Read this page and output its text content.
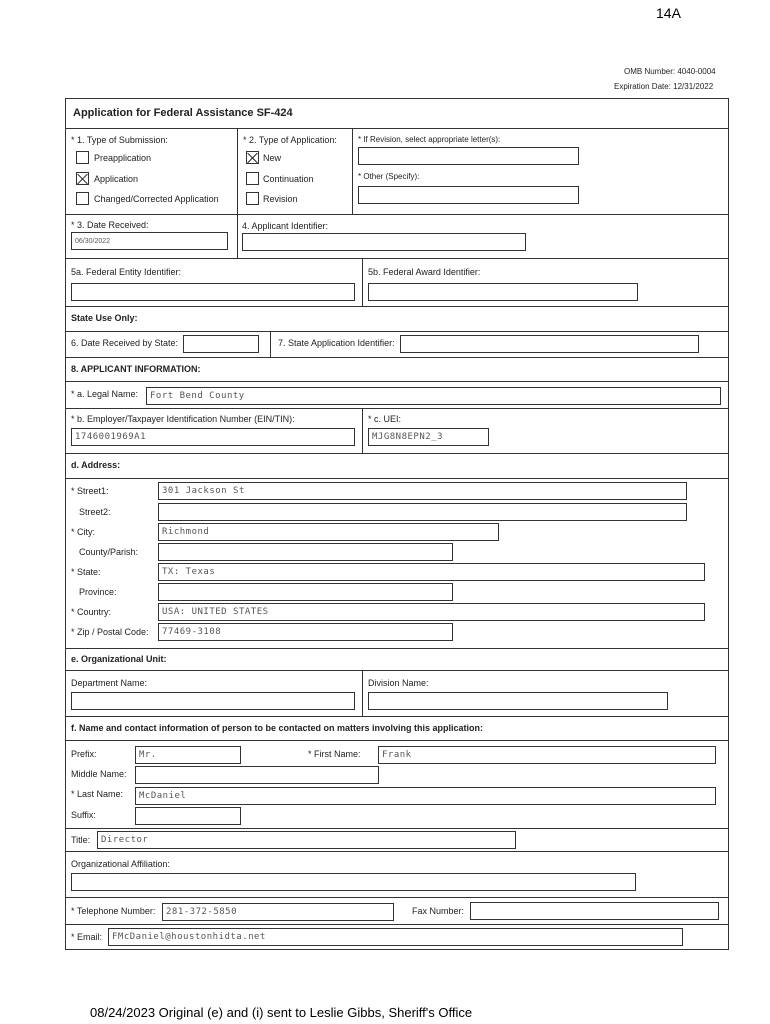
14A
OMB Number: 4040-0004
Expiration Date: 12/31/2022
Application for Federal Assistance SF-424
* 1. Type of Submission:
Preapplication
Application
Changed/Corrected Application
* 2. Type of Application:
New
Continuation
Revision
* If Revision, select appropriate letter(s):
* Other (Specify):
* 3. Date Received:
06/30/2022
4. Applicant Identifier:
5a. Federal Entity Identifier:	5b. Federal Award Identifier:
State Use Only:
6. Date Received by State:	7. State Application Identifier:
8. APPLICANT INFORMATION:
* a. Legal Name:	Fort Bend County
* b. Employer/Taxpayer Identification Number (EIN/TIN):
1746001969A1
* c. UEI:
MJG8N8EPN2_3
d. Address:
* Street1:	301 Jackson St
Street2:
* City:	Richmond
County/Parish:
* State:	TX: Texas
Province:
* Country:	USA: UNITED STATES
* Zip / Postal Code:	77469-3108
e. Organizational Unit:
Department Name:	Division Name:
f. Name and contact information of person to be contacted on matters involving this application:
Prefix:	Mr.	* First Name:	Frank
Middle Name:
* Last Name:	McDaniel
Suffix:
Title:	Director
Organizational Affiliation:
* Telephone Number:	281-372-5850	Fax Number:
* Email:	FMcDaniel@houstonhidta.net
08/24/2023 Original (e) and (i) sent to Leslie Gibbs, Sheriff's Office
